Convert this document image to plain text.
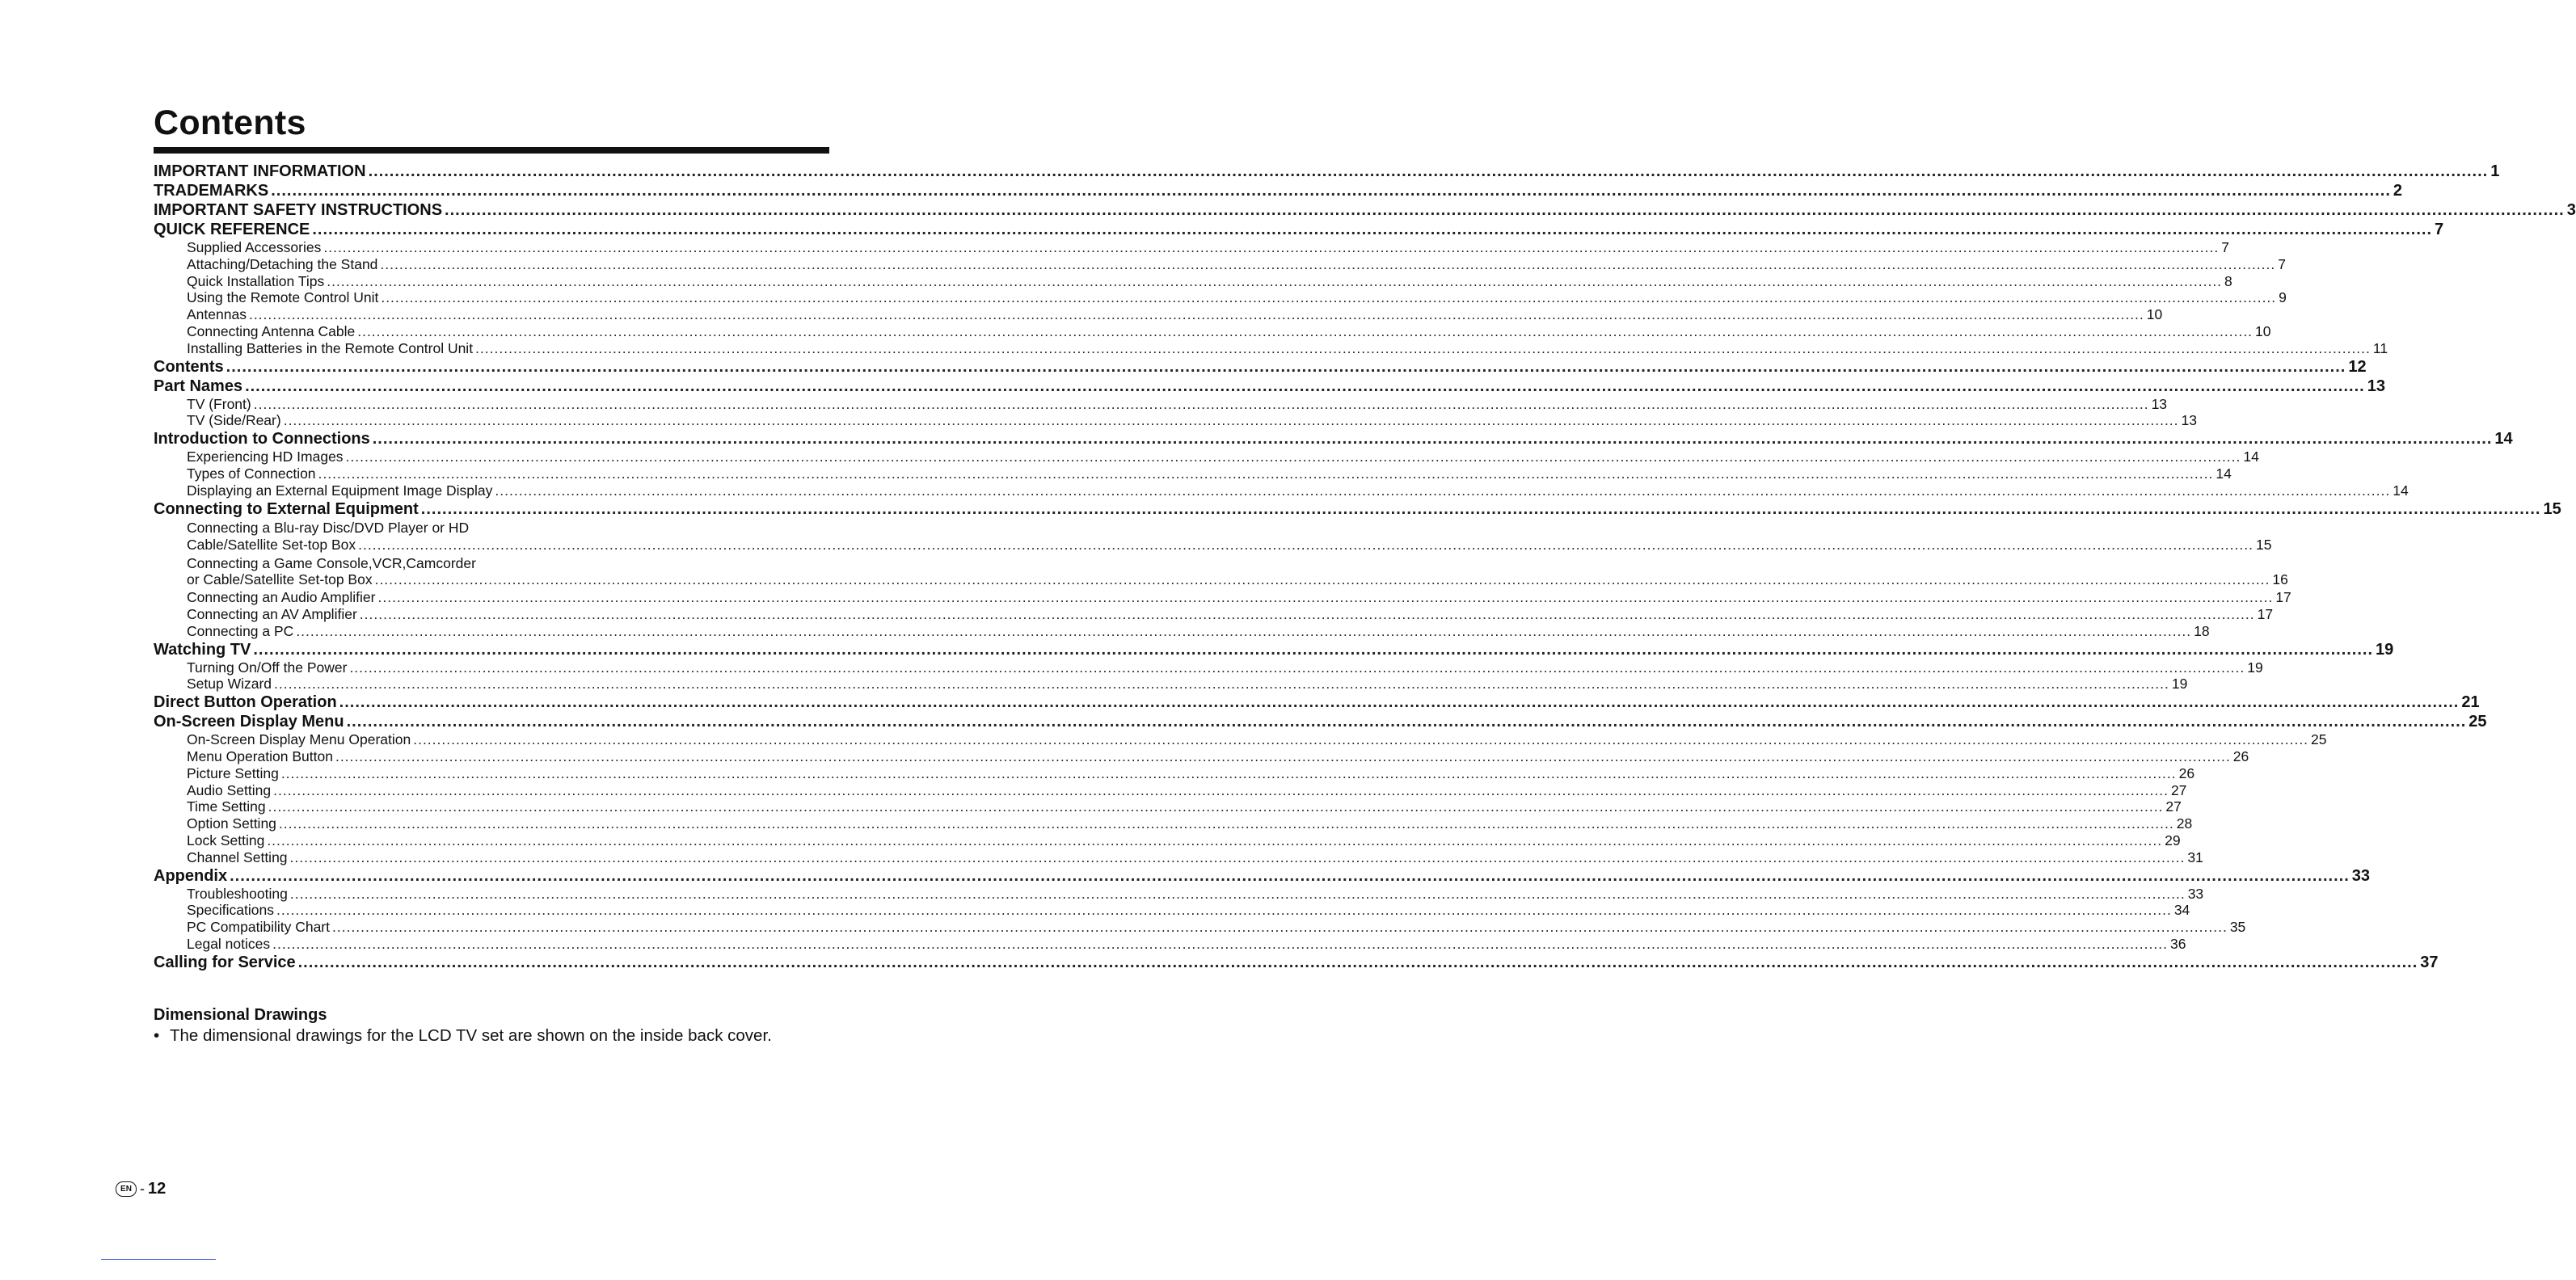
Contents
IMPORTANT INFORMATION ................................................................................................................................................................................................................................................................................................................................................................................................................ 1
TRADEMARKS ................................................................................................................................................................................................................................................................................................................................................................................................................ 2
IMPORTANT SAFETY INSTRUCTIONS ................................................................................................................................................................................................................................................................................................................................................................................................................ 3
QUICK REFERENCE ................................................................................................................................................................................................................................................................................................................................................................................................................ 7
Supplied Accessories ................................................................................................................................................................................................................................................................................................................................................................................................................ 7
Attaching/Detaching the Stand ................................................................................................................................................................................................................................................................................................................................................................................................................ 7
Quick Installation Tips ................................................................................................................................................................................................................................................................................................................................................................................................................ 8
Using the Remote Control Unit ................................................................................................................................................................................................................................................................................................................................................................................................................ 9
Antennas ................................................................................................................................................................................................................................................................................................................................................................................................................ 10
Connecting Antenna Cable ................................................................................................................................................................................................................................................................................................................................................................................................................ 10
Installing Batteries in the Remote Control Unit ................................................................................................................................................................................................................................................................................................................................................................................................................ 11
Contents ................................................................................................................................................................................................................................................................................................................................................................................................................ 12
Part Names ................................................................................................................................................................................................................................................................................................................................................................................................................ 13
TV (Front) ................................................................................................................................................................................................................................................................................................................................................................................................................ 13
TV (Side/Rear) ................................................................................................................................................................................................................................................................................................................................................................................................................ 13
Introduction to Connections ................................................................................................................................................................................................................................................................................................................................................................................................................ 14
Experiencing HD Images ................................................................................................................................................................................................................................................................................................................................................................................................................ 14
Types of Connection ................................................................................................................................................................................................................................................................................................................................................................................................................ 14
Displaying an External Equipment Image Display ................................................................................................................................................................................................................................................................................................................................................................................................................ 14
Connecting to External Equipment ................................................................................................................................................................................................................................................................................................................................................................................................................ 15
Connecting a Blu-ray Disc/DVD Player or HD
Cable/Satellite Set-top Box ................................................................................................................................................................................................................................................................................................................................................................................................................ 15
Connecting a Game Console,VCR,Camcorder
or Cable/Satellite Set-top Box ................................................................................................................................................................................................................................................................................................................................................................................................................ 16
Connecting an Audio Amplifier ................................................................................................................................................................................................................................................................................................................................................................................................................ 17
Connecting an AV Amplifier ................................................................................................................................................................................................................................................................................................................................................................................................................ 17
Connecting a PC ................................................................................................................................................................................................................................................................................................................................................................................................................ 18
Watching TV ................................................................................................................................................................................................................................................................................................................................................................................................................ 19
Turning On/Off the Power ................................................................................................................................................................................................................................................................................................................................................................................................................ 19
Setup Wizard ................................................................................................................................................................................................................................................................................................................................................................................................................ 19
Direct Button Operation ................................................................................................................................................................................................................................................................................................................................................................................................................ 21
On-Screen Display Menu ................................................................................................................................................................................................................................................................................................................................................................................................................ 25
On-Screen Display Menu Operation ................................................................................................................................................................................................................................................................................................................................................................................................................ 25
Menu Operation Button ................................................................................................................................................................................................................................................................................................................................................................................................................ 26
Picture Setting ................................................................................................................................................................................................................................................................................................................................................................................................................ 26
Audio Setting ................................................................................................................................................................................................................................................................................................................................................................................................................ 27
Time Setting ................................................................................................................................................................................................................................................................................................................................................................................................................ 27
Option Setting ................................................................................................................................................................................................................................................................................................................................................................................................................ 28
Lock Setting ................................................................................................................................................................................................................................................................................................................................................................................................................ 29
Channel Setting ................................................................................................................................................................................................................................................................................................................................................................................................................ 31
Appendix ................................................................................................................................................................................................................................................................................................................................................................................................................ 33
Troubleshooting ................................................................................................................................................................................................................................................................................................................................................................................................................ 33
Specifications ................................................................................................................................................................................................................................................................................................................................................................................................................ 34
PC Compatibility Chart ................................................................................................................................................................................................................................................................................................................................................................................................................ 35
Legal notices ................................................................................................................................................................................................................................................................................................................................................................................................................ 36
Calling for Service ................................................................................................................................................................................................................................................................................................................................................................................................................ 37
Dimensional Drawings
• The dimensional drawings for the LCD TV set are shown on the inside back cover.
EN - 12
